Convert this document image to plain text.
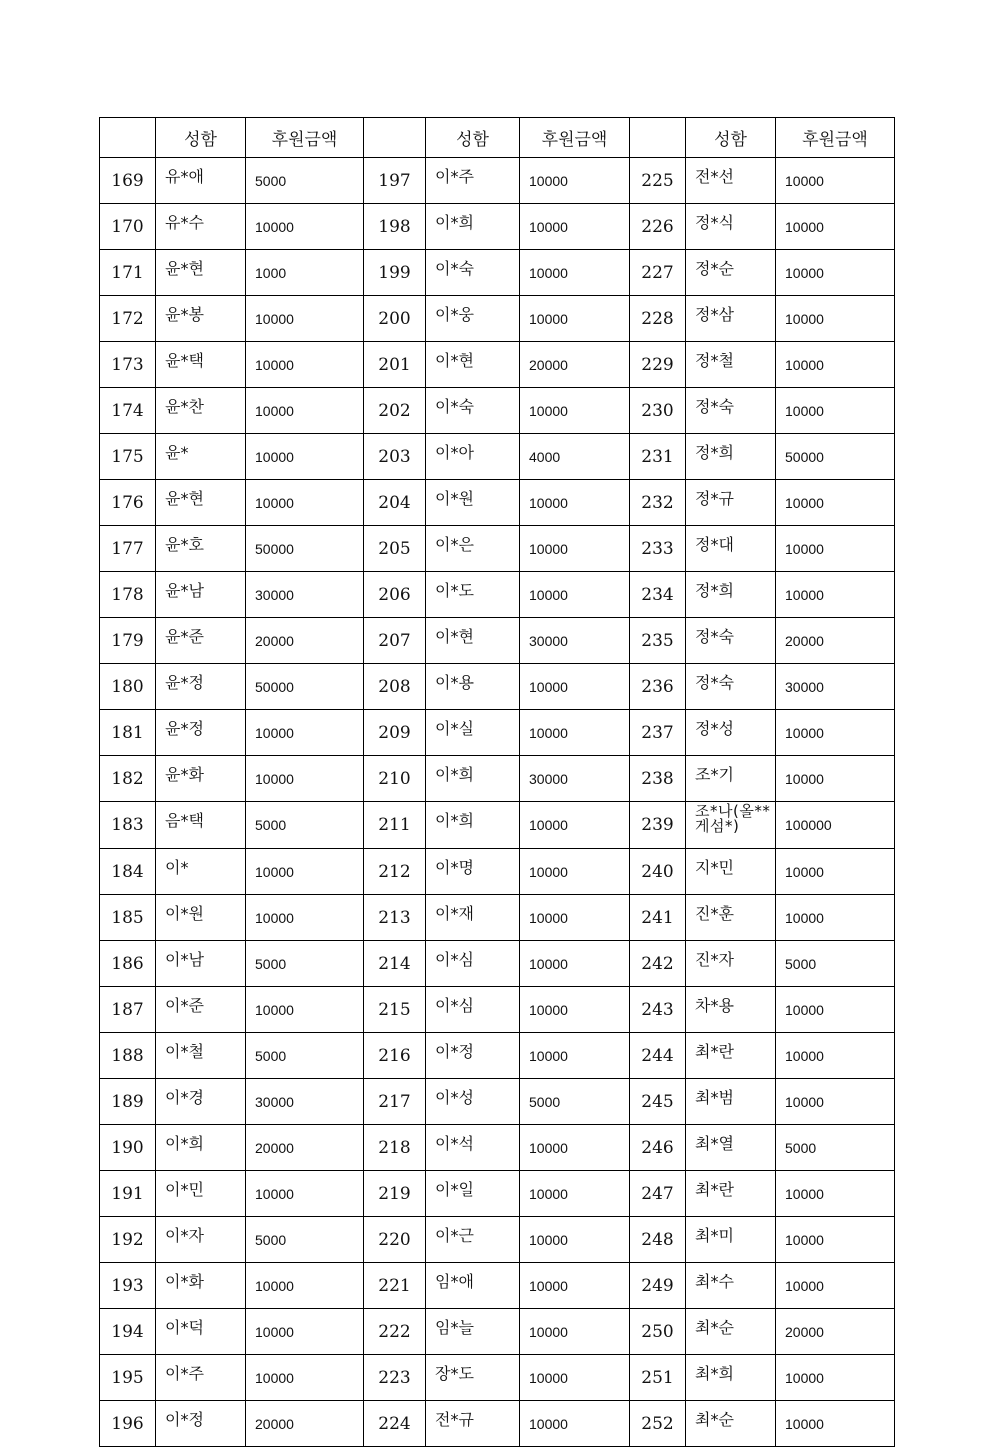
	성함	후원금액		성함	후원금액		성함	후원금액
169	유*애	5000	197	이*주	10000	225	전*선	10000
170	유*수	10000	198	이*희	10000	226	정*식	10000
171	윤*현	1000	199	이*숙	10000	227	정*순	10000
172	윤*봉	10000	200	이*웅	10000	228	정*삼	10000
173	윤*택	10000	201	이*현	20000	229	정*철	10000
174	윤*찬	10000	202	이*숙	10000	230	정*숙	10000
175	윤*	10000	203	이*아	4000	231	정*희	50000
176	윤*현	10000	204	이*원	10000	232	정*규	10000
177	윤*호	50000	205	이*은	10000	233	정*대	10000
178	윤*남	30000	206	이*도	10000	234	정*희	10000
179	윤*준	20000	207	이*현	30000	235	정*숙	20000
180	윤*정	50000	208	이*용	10000	236	정*숙	30000
181	윤*정	10000	209	이*실	10000	237	정*성	10000
182	윤*화	10000	210	이*희	30000	238	조*기	10000
183	음*택	5000	211	이*희	10000	239	조*나(올**게섬*)	100000
184	이*	10000	212	이*명	10000	240	지*민	10000
185	이*원	10000	213	이*재	10000	241	진*훈	10000
186	이*남	5000	214	이*심	10000	242	진*자	5000
187	이*준	10000	215	이*심	10000	243	차*용	10000
188	이*철	5000	216	이*정	10000	244	최*란	10000
189	이*경	30000	217	이*성	5000	245	최*범	10000
190	이*희	20000	218	이*석	10000	246	최*열	5000
191	이*민	10000	219	이*일	10000	247	최*란	10000
192	이*자	5000	220	이*근	10000	248	최*미	10000
193	이*화	10000	221	임*애	10000	249	최*수	10000
194	이*덕	10000	222	임*늘	10000	250	최*순	20000
195	이*주	10000	223	장*도	10000	251	최*희	10000
196	이*정	20000	224	전*규	10000	252	최*순	10000
